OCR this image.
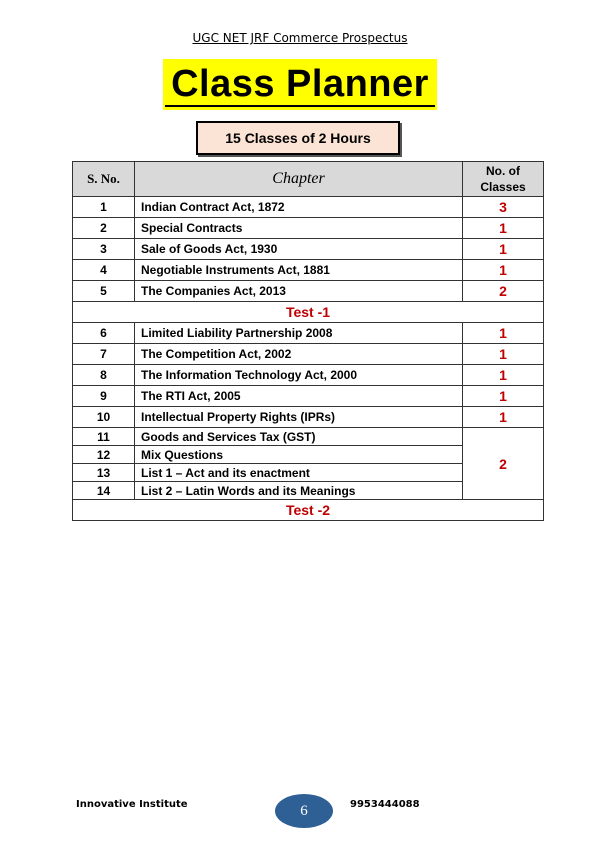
UGC NET JRF Commerce Prospectus
Class Planner
15 Classes of 2 Hours
S. No.	Chapter	No. of
Classes
1	Indian Contract Act, 1872	3
2	Special Contracts	1
3	Sale of Goods Act, 1930	1
4	Negotiable Instruments Act, 1881	1
5	The Companies Act, 2013	2
Test -1		
6	Limited Liability Partnership 2008	1
7	The Competition Act, 2002	1
8	The Information Technology Act, 2000	1
9	The RTI Act, 2005	1
10	Intellectual Property Rights (IPRs)	1
11	Goods and Services Tax (GST)	2
12	Mix Questions	
13	List 1 – Act and its enactment	
14	List 2 – Latin Words and its Meanings	
Test -2		
Innovative Institute	6	9953444088
